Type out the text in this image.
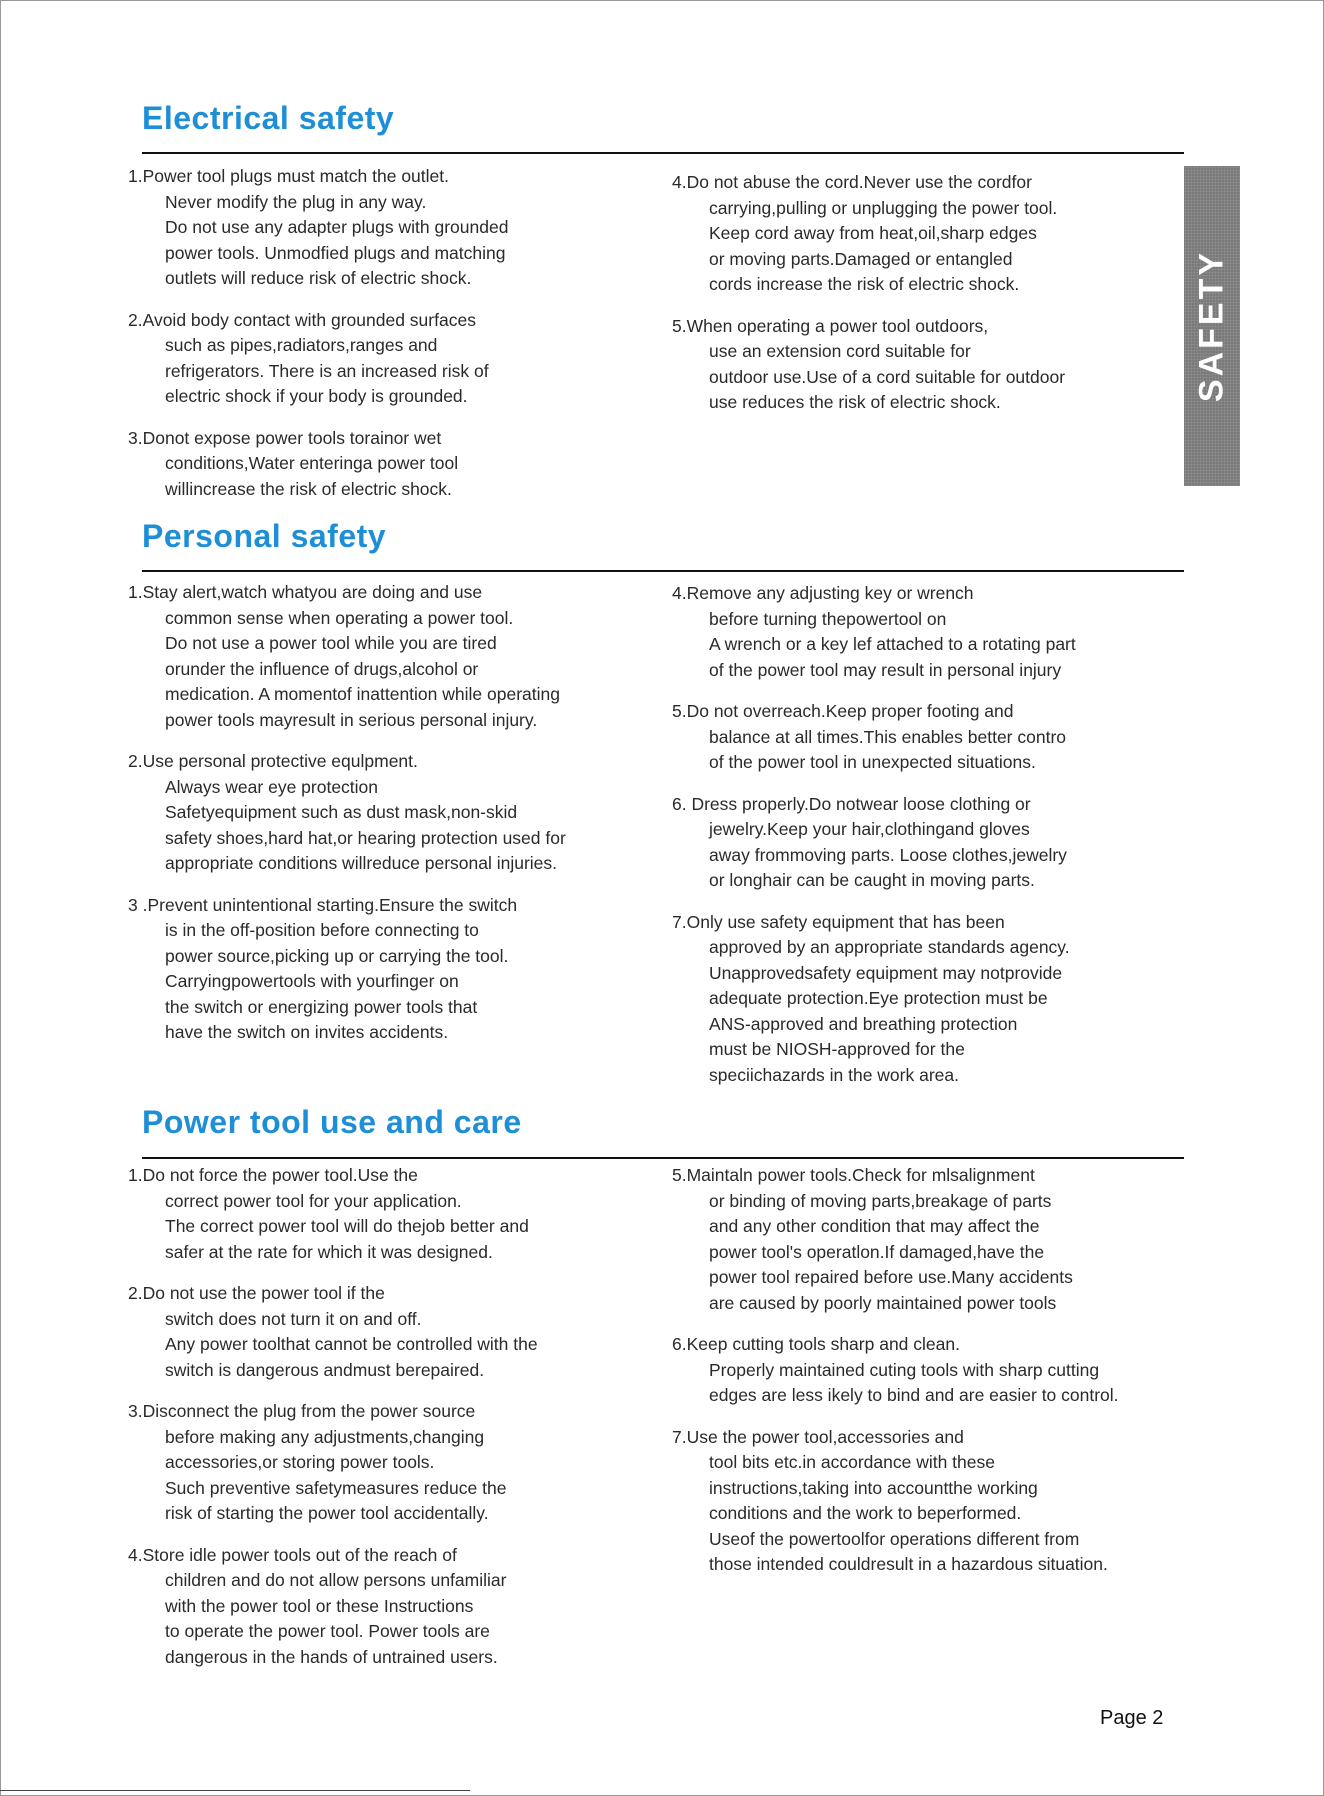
Electrical safety

1.Power tool plugs must match the outlet.
Never modify the plug in any way.
Do not use any adapter plugs with grounded
power tools. Unmodfied plugs and matching
outlets will reduce risk of electric shock.

2.Avoid body contact with grounded surfaces
such as pipes,radiators,ranges and
refrigerators. There is an increased risk of
electric shock if your body is grounded.

3.Donot expose power tools torainor wet
conditions,Water enteringa power tool
willincrease the risk of electric shock.

4.Do not abuse the cord.Never use the cordfor
carrying,pulling or unplugging the power tool.
Keep cord away from heat,oil,sharp edges
or moving parts.Damaged or entangled
cords increase the risk of electric shock.

5.When operating a power tool outdoors,
use an extension cord suitable for
outdoor use.Use of a cord suitable for outdoor
use reduces the risk of electric shock.

Personal safety

1.Stay alert,watch whatyou are doing and use
common sense when operating a power tool.
Do not use a power tool while you are tired
orunder the influence of drugs,alcohol or
medication. A momentof inattention while operating
power tools mayresult in serious personal injury.

2.Use personal protective equlpment.
Always wear eye protection
Safetyequipment such as dust mask,non-skid
safety shoes,hard hat,or hearing protection used for
appropriate conditions willreduce personal injuries.

3 .Prevent unintentional starting.Ensure the switch
is in the off-position before connecting to
power source,picking up or carrying the tool.
Carryingpowertools with yourfinger on
the switch or energizing power tools that
have the switch on invites accidents.

4.Remove any adjusting key or wrench
before turning thepowertool on
A wrench or a key lef attached to a rotating part
of the power tool may result in personal injury

5.Do not overreach.Keep proper footing and
balance at all times.This enables better contro
of the power tool in unexpected situations.

6. Dress properly.Do notwear loose clothing or
jewelry.Keep your hair,clothingand gloves
away frommoving parts. Loose clothes,jewelry
or longhair can be caught in moving parts.

7.Only use safety equipment that has been
approved by an appropriate standards agency.
Unapprovedsafety equipment may notprovide
adequate protection.Eye protection must be
ANS-approved and breathing protection
must be NIOSH-approved for the
speciichazards in the work area.

Power tool use and care

1.Do not force the power tool.Use the
correct power tool for your application.
The correct power tool will do thejob better and
safer at the rate for which it was designed.

2.Do not use the power tool if the
switch does not turn it on and off.
Any power toolthat cannot be controlled with the
switch is dangerous andmust berepaired.

3.Disconnect the plug from the power source
before making any adjustments,changing
accessories,or storing power tools.
Such preventive safetymeasures reduce the
risk of starting the power tool accidentally.

4.Store idle power tools out of the reach of
children and do not allow persons unfamiliar
with the power tool or these Instructions
to operate the power tool. Power tools are
dangerous in the hands of untrained users.

5.Maintaln power tools.Check for mlsalignment
or binding of moving parts,breakage of parts
and any other condition that may affect the
power tool's operatlon.If damaged,have the
power tool repaired before use.Many accidents
are caused by poorly maintained power tools

6.Keep cutting tools sharp and clean.
Properly maintained cuting tools with sharp cutting
edges are less ikely to bind and are easier to control.

7.Use the power tool,accessories and
tool bits etc.in accordance with these
instructions,taking into accountthe working
conditions and the work to beperformed.
Useof the powertoolfor operations different from
those intended couldresult in a hazardous situation.

SAFETY
Page 2
